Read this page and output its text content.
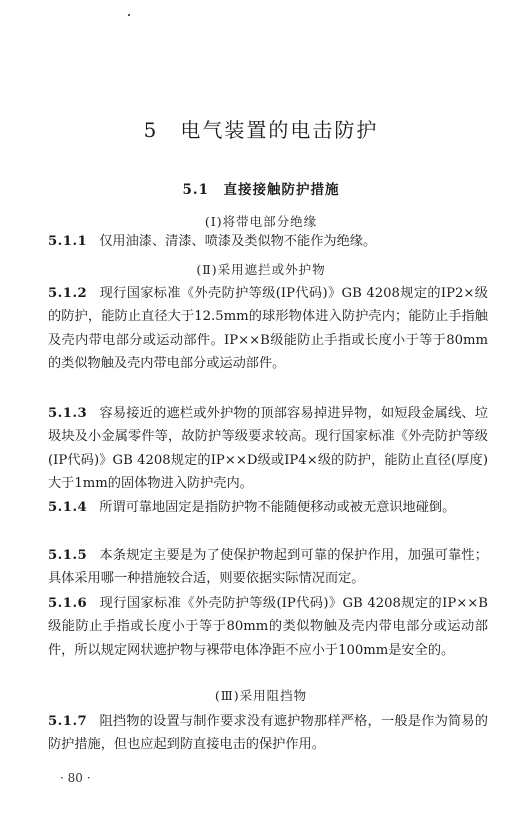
5　电气装置的电击防护
5.1　直接接触防护措施
(Ⅰ)将带电部分绝缘
5.1.1 仅用油漆、清漆、喷漆及类似物不能作为绝缘。
(Ⅱ)采用遮拦或外护物
5.1.2 现行国家标准《外壳防护等级(IP代码)》GB 4208规定的IP2×级的防护，能防止直径大于12.5mm的球形物体进入防护壳内；能防止手指触及壳内带电部分或运动部件。IP××B级能防止手指或长度小于等于80mm的类似物触及壳内带电部分或运动部件。
5.1.3 容易接近的遮栏或外护物的顶部容易掉进异物，如短段金属线、垃圾块及小金属零件等，故防护等级要求较高。现行国家标准《外壳防护等级(IP代码)》GB 4208规定的IP××D级或IP4×级的防护，能防止直径(厚度)大于1mm的固体物进入防护壳内。
5.1.4 所谓可靠地固定是指防护物不能随便移动或被无意识地碰倒。
5.1.5 本条规定主要是为了使保护物起到可靠的保护作用，加强可靠性；具体采用哪一种措施较合适，则要依据实际情况而定。
5.1.6 现行国家标准《外壳防护等级(IP代码)》GB 4208规定的IP××B级能防止手指或长度小于等于80mm的类似物触及壳内带电部分或运动部件，所以规定网状遮护物与裸带电体净距不应小于100mm是安全的。
(Ⅲ)采用阻挡物
5.1.7 阻挡物的设置与制作要求没有遮护物那样严格，一般是作为简易的防护措施，但也应起到防直接电击的保护作用。
· 80 ·
